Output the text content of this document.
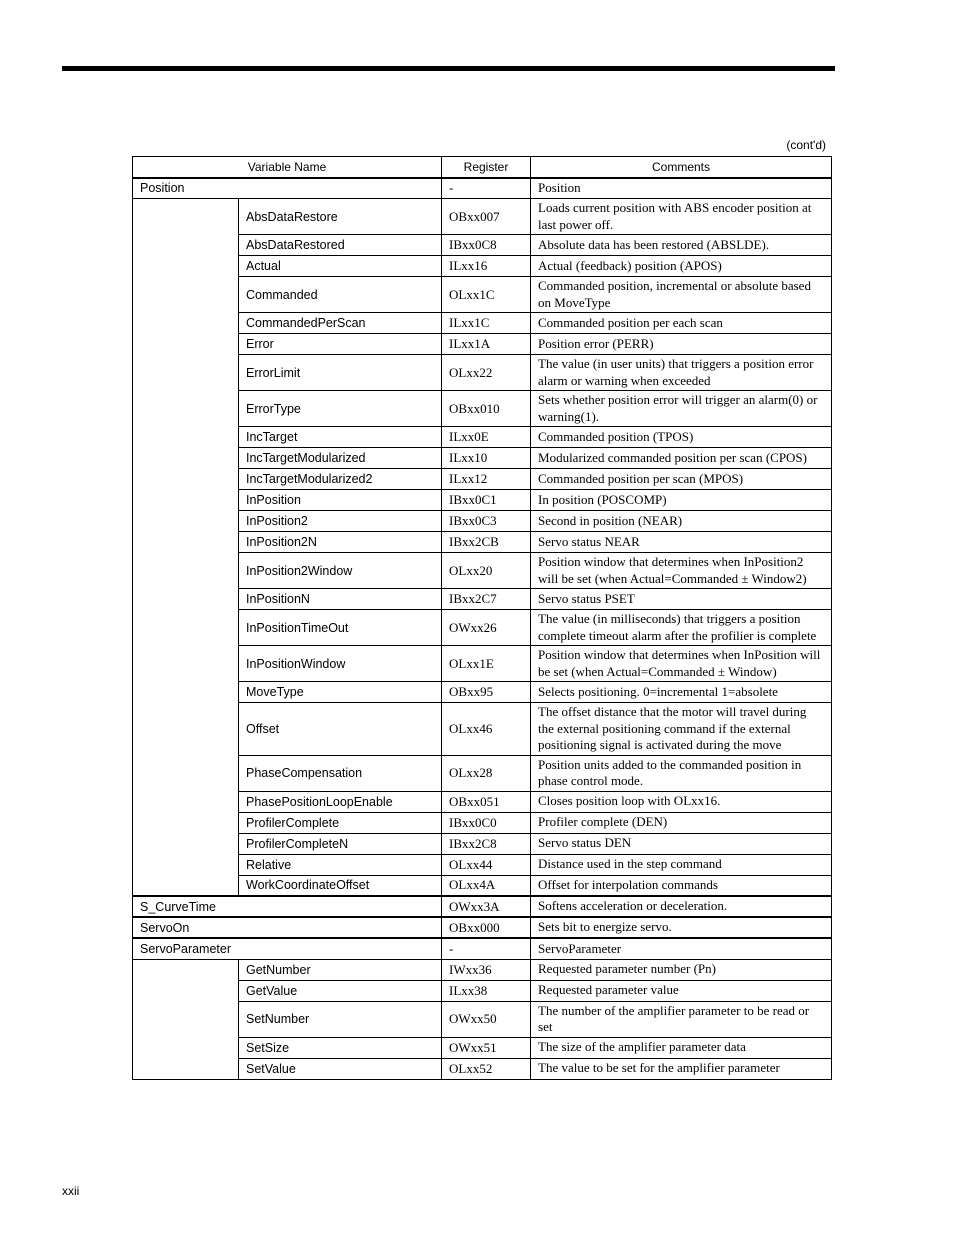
(cont'd)
Variable Name		Register	Comments
Position		-	Position
	AbsDataRestore	OBxx007	Loads current position with ABS encoder position at last power off.
	AbsDataRestored	IBxx0C8	Absolute data has been restored (ABSLDE).
	Actual	ILxx16	Actual (feedback) position (APOS)
	Commanded	OLxx1C	Commanded position, incremental or absolute based on MoveType
	CommandedPerScan	ILxx1C	Commanded position per each scan
	Error	ILxx1A	Position error (PERR)
	ErrorLimit	OLxx22	The value (in user units) that triggers a position error alarm or warning when exceeded
	ErrorType	OBxx010	Sets whether position error will trigger an alarm(0) or warning(1).
	IncTarget	ILxx0E	Commanded position (TPOS)
	IncTargetModularized	ILxx10	Modularized commanded position per scan (CPOS)
	IncTargetModularized2	ILxx12	Commanded position per scan (MPOS)
	InPosition	IBxx0C1	In position (POSCOMP)
	InPosition2	IBxx0C3	Second in position (NEAR)
	InPosition2N	IBxx2CB	Servo status NEAR
	InPosition2Window	OLxx20	Position window that determines when InPosition2 will be set (when Actual=Commanded ± Window2)
	InPositionN	IBxx2C7	Servo status PSET
	InPositionTimeOut	OWxx26	The value (in milliseconds) that triggers a position complete timeout alarm after the profilier is complete
	InPositionWindow	OLxx1E	Position window that determines when InPosition will be set (when Actual=Commanded ± Window)
	MoveType	OBxx95	Selects positioning. 0=incremental 1=absolete
	Offset	OLxx46	The offset distance that the motor will travel during the external positioning command if the external positioning signal is activated during the move
	PhaseCompensation	OLxx28	Position units added to the commanded position in phase control mode.
	PhasePositionLoopEnable	OBxx051	Closes position loop with OLxx16.
	ProfilerComplete	IBxx0C0	Profiler complete (DEN)
	ProfilerCompleteN	IBxx2C8	Servo status DEN
	Relative	OLxx44	Distance used in the step command
	WorkCoordinateOffset	OLxx4A	Offset for interpolation commands
S_CurveTime		OWxx3A	Softens acceleration or deceleration.
ServoOn		OBxx000	Sets bit to energize servo.
ServoParameter		-	ServoParameter
	GetNumber	IWxx36	Requested parameter number (Pn)
	GetValue	ILxx38	Requested parameter value
	SetNumber	OWxx50	The number of the amplifier parameter to be read or set
	SetSize	OWxx51	The size of the amplifier parameter data
	SetValue	OLxx52	The value to be set for the amplifier parameter
xxii
